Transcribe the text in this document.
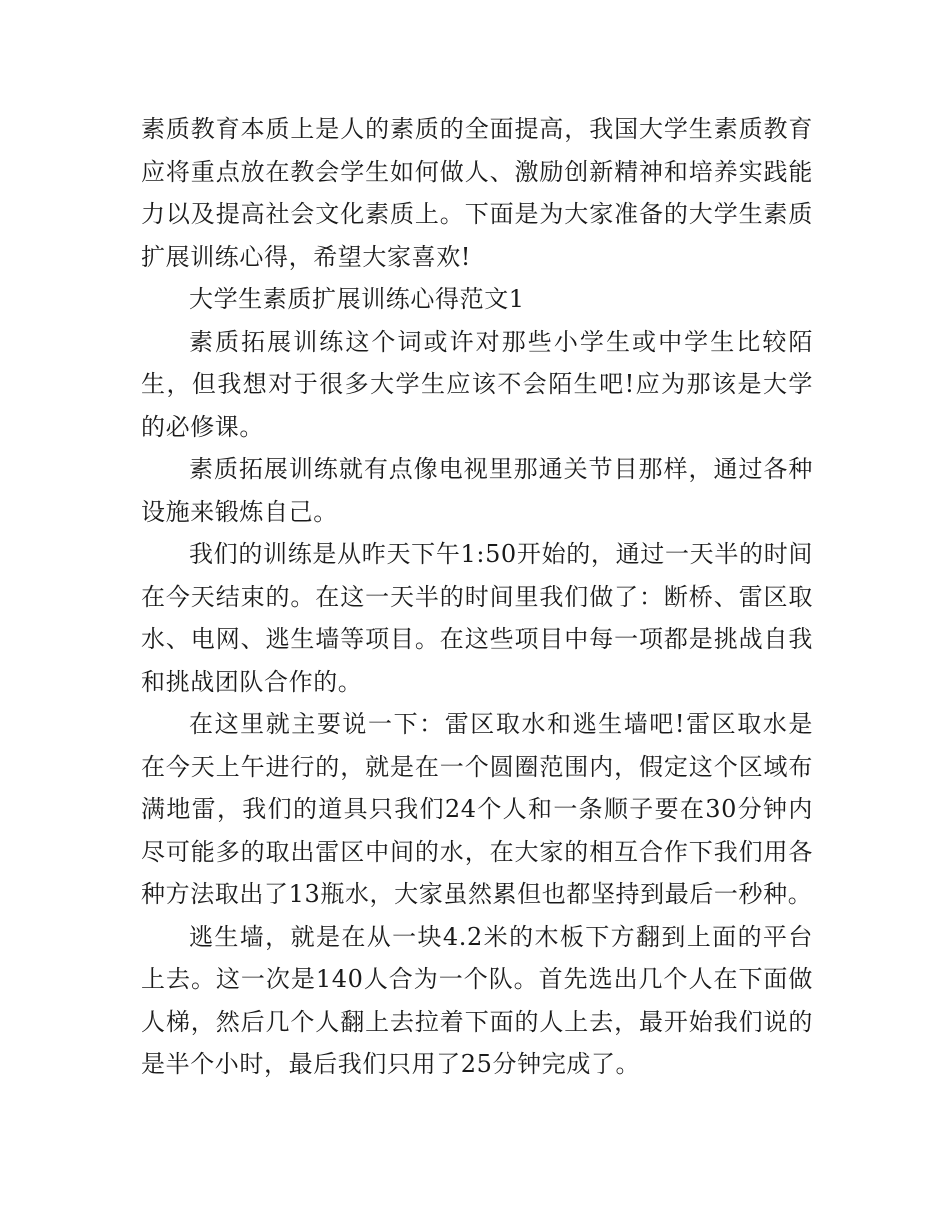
素质教育本质上是人的素质的全面提高，我国大学生素质教育应将重点放在教会学生如何做人、激励创新精神和培养实践能力以及提高社会文化素质上。下面是为大家准备的大学生素质扩展训练心得，希望大家喜欢!

大学生素质扩展训练心得范文1

素质拓展训练这个词或许对那些小学生或中学生比较陌生，但我想对于很多大学生应该不会陌生吧!应为那该是大学的必修课。

素质拓展训练就有点像电视里那通关节目那样，通过各种设施来锻炼自己。

我们的训练是从昨天下午1:50开始的，通过一天半的时间在今天结束的。在这一天半的时间里我们做了：断桥、雷区取水、电网、逃生墙等项目。在这些项目中每一项都是挑战自我和挑战团队合作的。

在这里就主要说一下：雷区取水和逃生墙吧!雷区取水是在今天上午进行的，就是在一个圆圈范围内，假定这个区域布满地雷，我们的道具只我们24个人和一条顺子要在30分钟内尽可能多的取出雷区中间的水，在大家的相互合作下我们用各种方法取出了13瓶水，大家虽然累但也都坚持到最后一秒种。

逃生墙，就是在从一块4.2米的木板下方翻到上面的平台上去。这一次是140人合为一个队。首先选出几个人在下面做人梯，然后几个人翻上去拉着下面的人上去，最开始我们说的是半个小时，最后我们只用了25分钟完成了。
